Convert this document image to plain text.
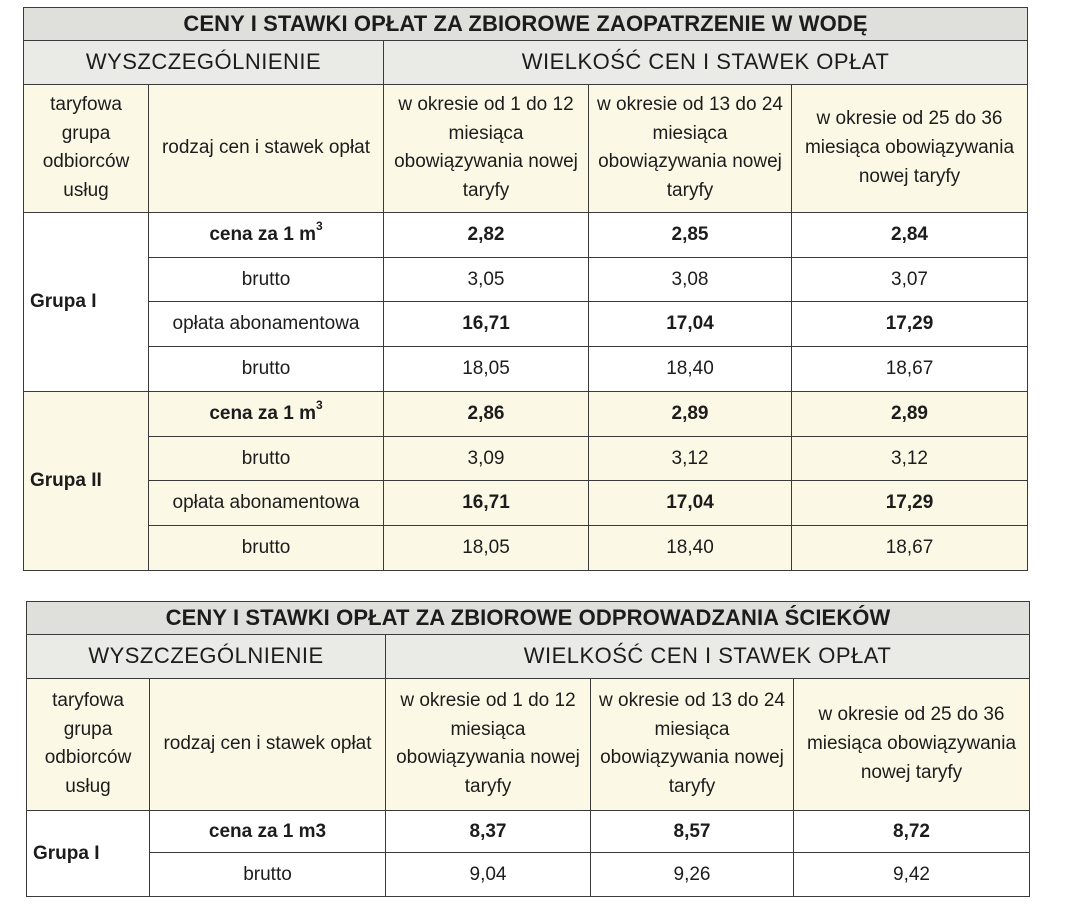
CENY I STAWKI OPŁAT ZA ZBIOROWE ZAOPATRZENIE W WODĘ				
WYSZCZEGÓLNIENIE		WIELKOŚĆ CEN I STAWEK OPŁAT		
taryfowa grupa odbiorców usług	rodzaj cen i stawek opłat	w okresie od 1 do 12 miesiąca obowiązywania nowej taryfy	w okresie od 13 do 24 miesiąca obowiązywania nowej taryfy	w okresie od 25 do 36 miesiąca obowiązywania nowej taryfy
Grupa I	cena za 1 $m^3$	2,82	2,85	2,84
	brutto	3,05	3,08	3,07
	opłata abonamentowa	16,71	17,04	17,29
	brutto	18,05	18,40	18,67
Grupa II	cena za 1 $m^3$	2,86	2,89	2,89
	brutto	3,09	3,12	3,12
	opłata abonamentowa	16,71	17,04	17,29
	brutto	18,05	18,40	18,67
CENY I STAWKI OPŁAT ZA ZBIOROWE ODPROWADZANIA ŚCIEKÓW				
WYSZCZEGÓLNIENIE		WIELKOŚĆ CEN I STAWEK OPŁAT		
taryfowa grupa odbiorców usług	rodzaj cen i stawek opłat	w okresie od 1 do 12 miesiąca obowiązywania nowej taryfy	w okresie od 13 do 24 miesiąca obowiązywania nowej taryfy	w okresie od 25 do 36 miesiąca obowiązywania nowej taryfy
Grupa I	cena za 1 m3	8,37	8,57	8,72
	brutto	9,04	9,26	9,42
